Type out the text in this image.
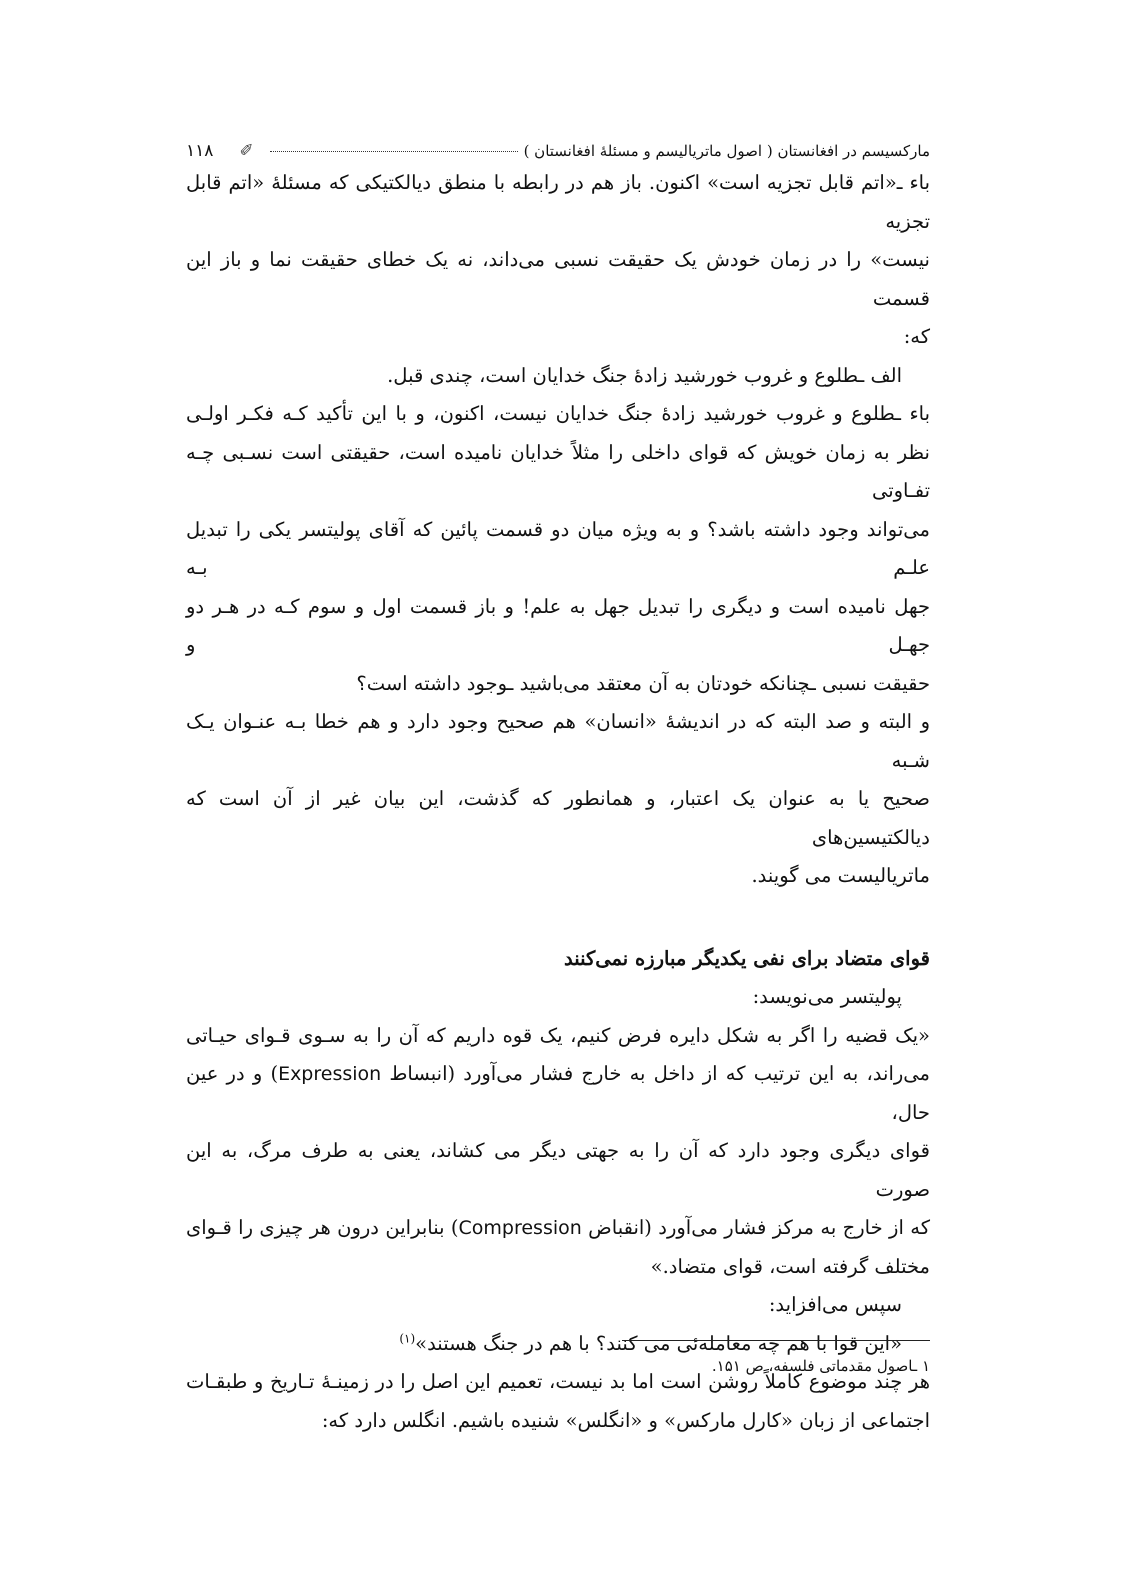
مارکسیسم در افغانستان ( اصول ماتریالیسم و مسئلۀ افغانستان )
✐
۱۱۸

باء ـ«اتم قابل تجزیه است» اکنون. باز هم در رابطه با منطق دیالکتیکی که مسئلۀ «اتم قابل تجزیه

نیست» را در زمان خودش یک حقیقت نسبی می‌داند، نه یک خطای حقیقت نما و باز این قسمت

که:

الف ـطلوع و غروب خورشید زادۀ جنگ خدایان است، چندی قبل.

باء ـطلوع و غروب خورشید زادۀ جنگ خدایان نیست، اکنون، و با این تأکید کـه فکـر اولـی

نظر به زمان خویش که قوای داخلی را مثلاً خدایان نامیده است، حقیقتی است نسـبی چـه تفـاوتی

می‌تواند وجود داشته باشد؟ و به ویژه میان دو قسمت پائین که آقای پولیتسر یکی را تبدیل علـم بـه

جهل نامیده است و دیگری را تبدیل جهل به علم! و باز قسمت اول و سوم کـه در هـر دو جهـل و

حقیقت نسبی ـچنانکه خودتان به آن معتقد می‌باشید ـوجود داشته است؟

و البته و صد البته که در اندیشۀ «انسان» هم صحیح وجود دارد و هم خطا بـه عنـوان یـک شـبه

صحیح یا به عنوان یک اعتبار، و همانطور که گذشت، این بیان غیر از آن است که دیالکتیسین‌های

ماتریالیست می گویند.

قوای متضاد برای نفی یکدیگر مبارزه نمی‌کنند

پولیتسر می‌نویسد:

«یک قضیه را اگر به شکل دایره فرض کنیم، یک قوه داریم که آن را به سـوی قـوای حیـاتی

می‌راند، به این ترتیب که از داخل به خارج فشار می‌آورد (انبساط Expression) و در عین حال،

قوای دیگری وجود دارد که آن را به جهتی دیگر می کشاند، یعنی به طرف مرگ، به این صورت

که از خارج به مرکز فشار می‌آورد (انقباض Compression) بنابراین درون هر چیزی را قـوای

مختلف گرفته است، قوای متضاد.»

سپس می‌افزاید:

«این قوا با هم چه معامله‌ئی می کنند؟ با هم در جنگ هستند»$^{(۱)}$

هر چند موضوع کاملاً روشن است اما بد نیست، تعمیم این اصل را در زمینـۀ تـاریخ و طبقـات

اجتماعی از زبان «کارل مارکس» و «انگلس» شنیده باشیم. انگلس دارد که:

۱ ـاصول مقدماتی فلسفه، ص ۱۵۱.
